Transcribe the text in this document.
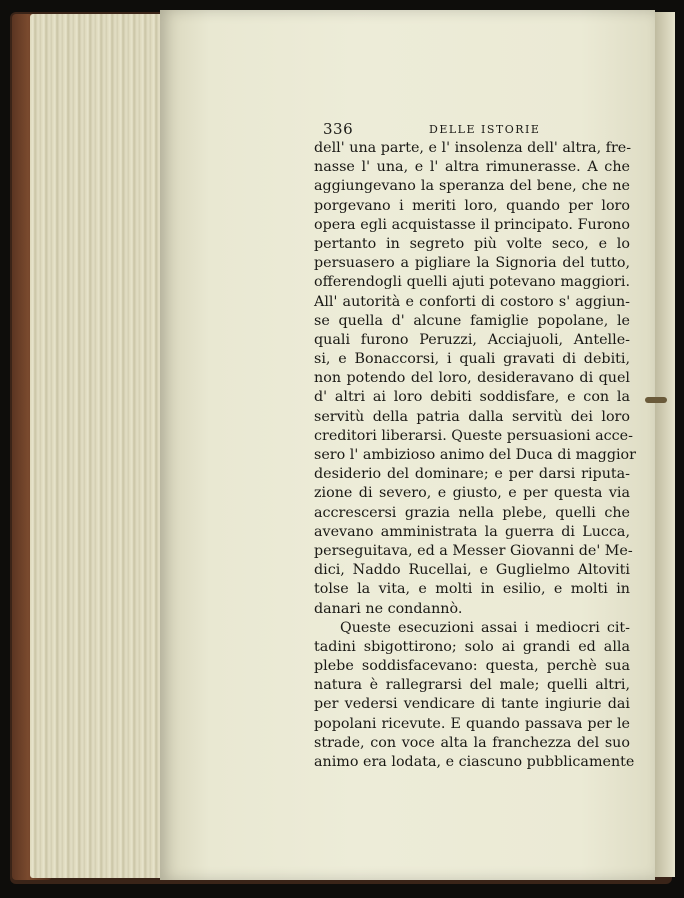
336	DELLE ISTORIE
dell' una parte, e l' insolenza dell' altra, fre-
nasse l' una, e l' altra rimunerasse. A che
aggiungevano la speranza del bene, che ne
porgevano i meriti loro, quando per loro
opera egli acquistasse il principato. Furono
pertanto in segreto più volte seco, e lo
persuasero a pigliare la Signoria del tutto,
offerendogli quelli ajuti potevano maggiori.
All' autorità e conforti di costoro s' aggiun-
se quella d' alcune famiglie popolane, le
quali furono Peruzzi, Acciajuoli, Antelle-
si, e Bonaccorsi, i quali gravati di debiti,
non potendo del loro, desideravano di quel
d' altri ai loro debiti soddisfare, e con la
servitù della patria dalla servitù dei loro
creditori liberarsi. Queste persuasioni acce-
sero l' ambizioso animo del Duca di maggior
desiderio del dominare; e per darsi riputa-
zione di severo, e giusto, e per questa via
accrescersi grazia nella plebe, quelli che
avevano amministrata la guerra di Lucca,
perseguitava, ed a Messer Giovanni de' Me-
dici, Naddo Rucellai, e Guglielmo Altoviti
tolse la vita, e molti in esilio, e molti in
danari ne condannò.
Queste esecuzioni assai i mediocri cit-
tadini sbigottirono; solo ai grandi ed alla
plebe soddisfacevano: questa, perchè sua
natura è rallegrarsi del male; quelli altri,
per vedersi vendicare di tante ingiurie dai
popolani ricevute. E quando passava per le
strade, con voce alta la franchezza del suo
animo era lodata, e ciascuno pubblicamente
